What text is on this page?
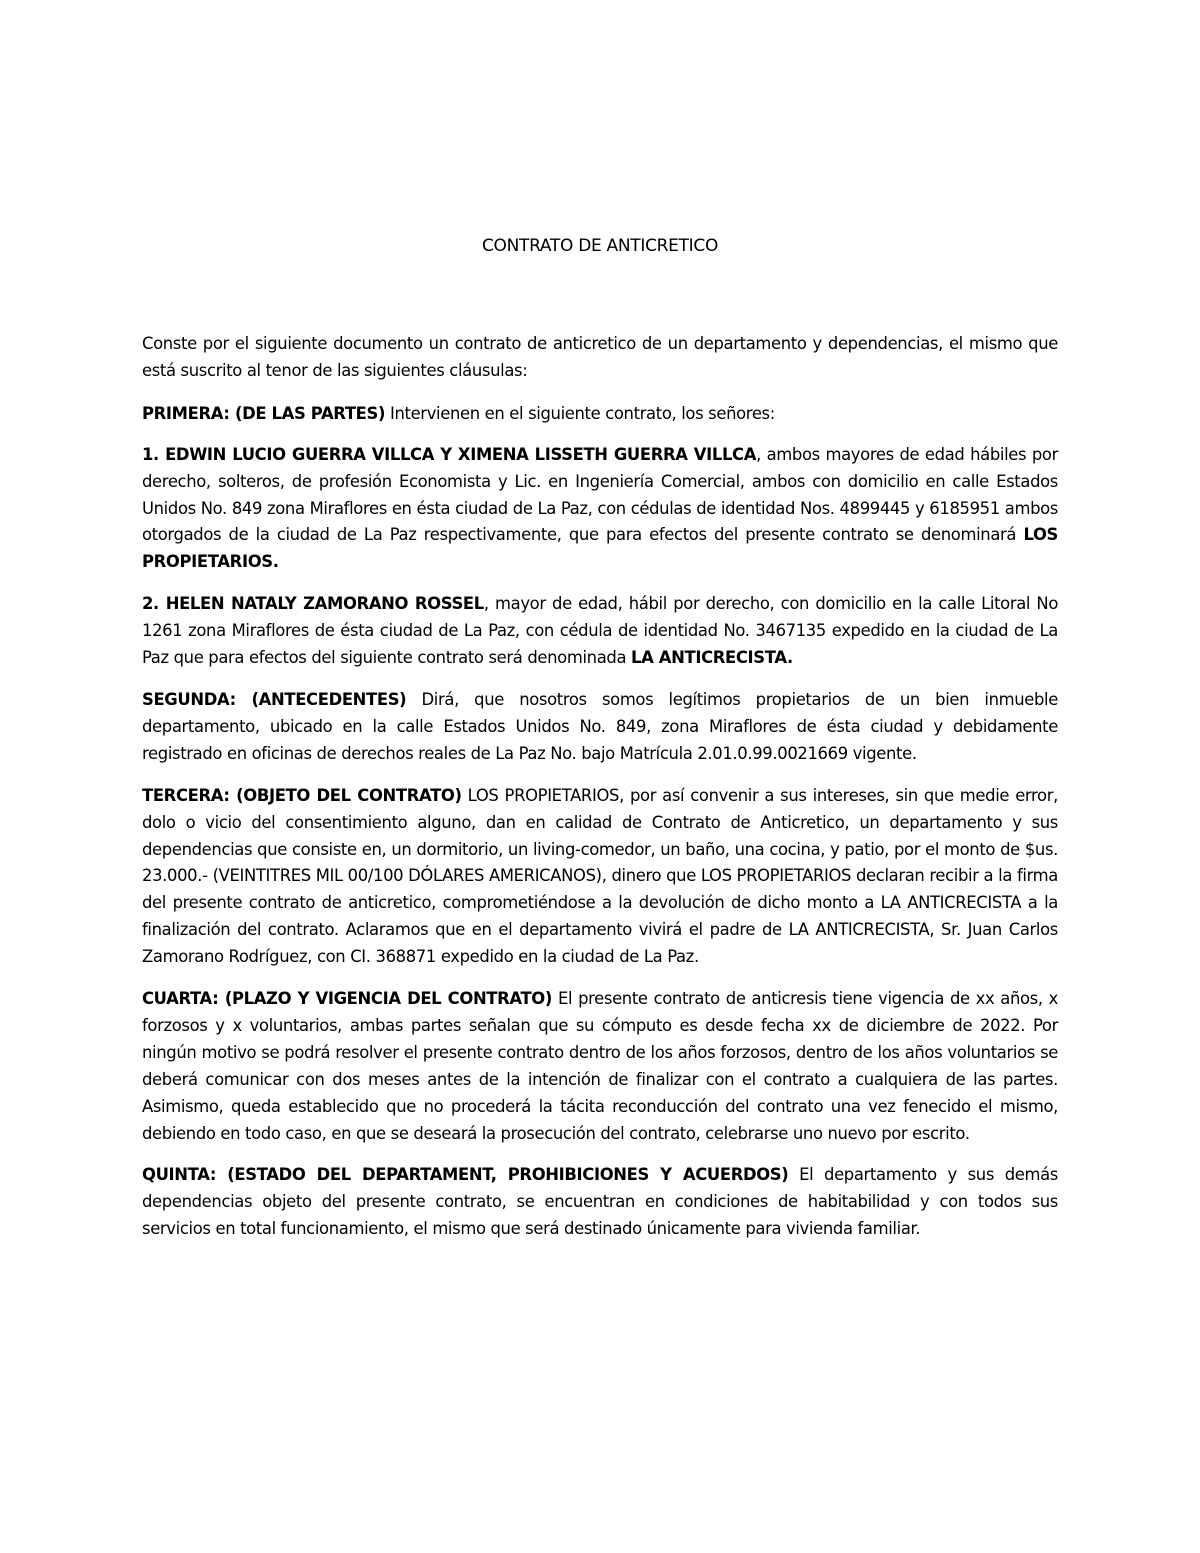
CONTRATO DE ANTICRETICO

Conste por el siguiente documento un contrato de anticretico de un departamento y dependencias, el mismo que está suscrito al tenor de las siguientes cláusulas:

PRIMERA: (DE LAS PARTES) Intervienen en el siguiente contrato, los señores:

1. EDWIN LUCIO GUERRA VILLCA Y XIMENA LISSETH GUERRA VILLCA, ambos mayores de edad hábiles por derecho, solteros, de profesión Economista y Lic. en Ingeniería Comercial, ambos con domicilio en calle Estados Unidos No. 849 zona Miraflores en ésta ciudad de La Paz, con cédulas de identidad Nos. 4899445 y 6185951 ambos otorgados de la ciudad de La Paz respectivamente, que para efectos del presente contrato se denominará LOS PROPIETARIOS.

2. HELEN NATALY ZAMORANO ROSSEL, mayor de edad, hábil por derecho, con domicilio en la calle Litoral No 1261 zona Miraflores de ésta ciudad de La Paz, con cédula de identidad No. 3467135 expedido en la ciudad de La Paz que para efectos del siguiente contrato será denominada LA ANTICRECISTA.

SEGUNDA: (ANTECEDENTES) Dirá, que nosotros somos legítimos propietarios de un bien inmueble departamento, ubicado en la calle Estados Unidos No. 849, zona Miraflores de ésta ciudad y debidamente registrado en oficinas de derechos reales de La Paz No. bajo Matrícula 2.01.0.99.0021669 vigente.

TERCERA: (OBJETO DEL CONTRATO) LOS PROPIETARIOS, por así convenir a sus intereses, sin que medie error, dolo o vicio del consentimiento alguno, dan en calidad de Contrato de Anticretico, un departamento y sus dependencias que consiste en, un dormitorio, un living-comedor, un baño, una cocina, y patio, por el monto de $us. 23.000.- (VEINTITRES MIL 00/100 DÓLARES AMERICANOS), dinero que LOS PROPIETARIOS declaran recibir a la firma del presente contrato de anticretico, comprometiéndose a la devolución de dicho monto a LA ANTICRECISTA a la finalización del contrato. Aclaramos que en el departamento vivirá el padre de LA ANTICRECISTA, Sr. Juan Carlos Zamorano Rodríguez, con CI. 368871 expedido en la ciudad de La Paz.

CUARTA: (PLAZO Y VIGENCIA DEL CONTRATO) El presente contrato de anticresis tiene vigencia de xx años, x forzosos y x voluntarios, ambas partes señalan que su cómputo es desde fecha xx de diciembre de 2022. Por ningún motivo se podrá resolver el presente contrato dentro de los años forzosos, dentro de los años voluntarios se deberá comunicar con dos meses antes de la intención de finalizar con el contrato a cualquiera de las partes. Asimismo, queda establecido que no procederá la tácita reconducción del contrato una vez fenecido el mismo, debiendo en todo caso, en que se deseará la prosecución del contrato, celebrarse uno nuevo por escrito.

QUINTA: (ESTADO DEL DEPARTAMENT, PROHIBICIONES Y ACUERDOS) El departamento y sus demás dependencias objeto del presente contrato, se encuentran en condiciones de habitabilidad y con todos sus servicios en total funcionamiento, el mismo que será destinado únicamente para vivienda familiar.
